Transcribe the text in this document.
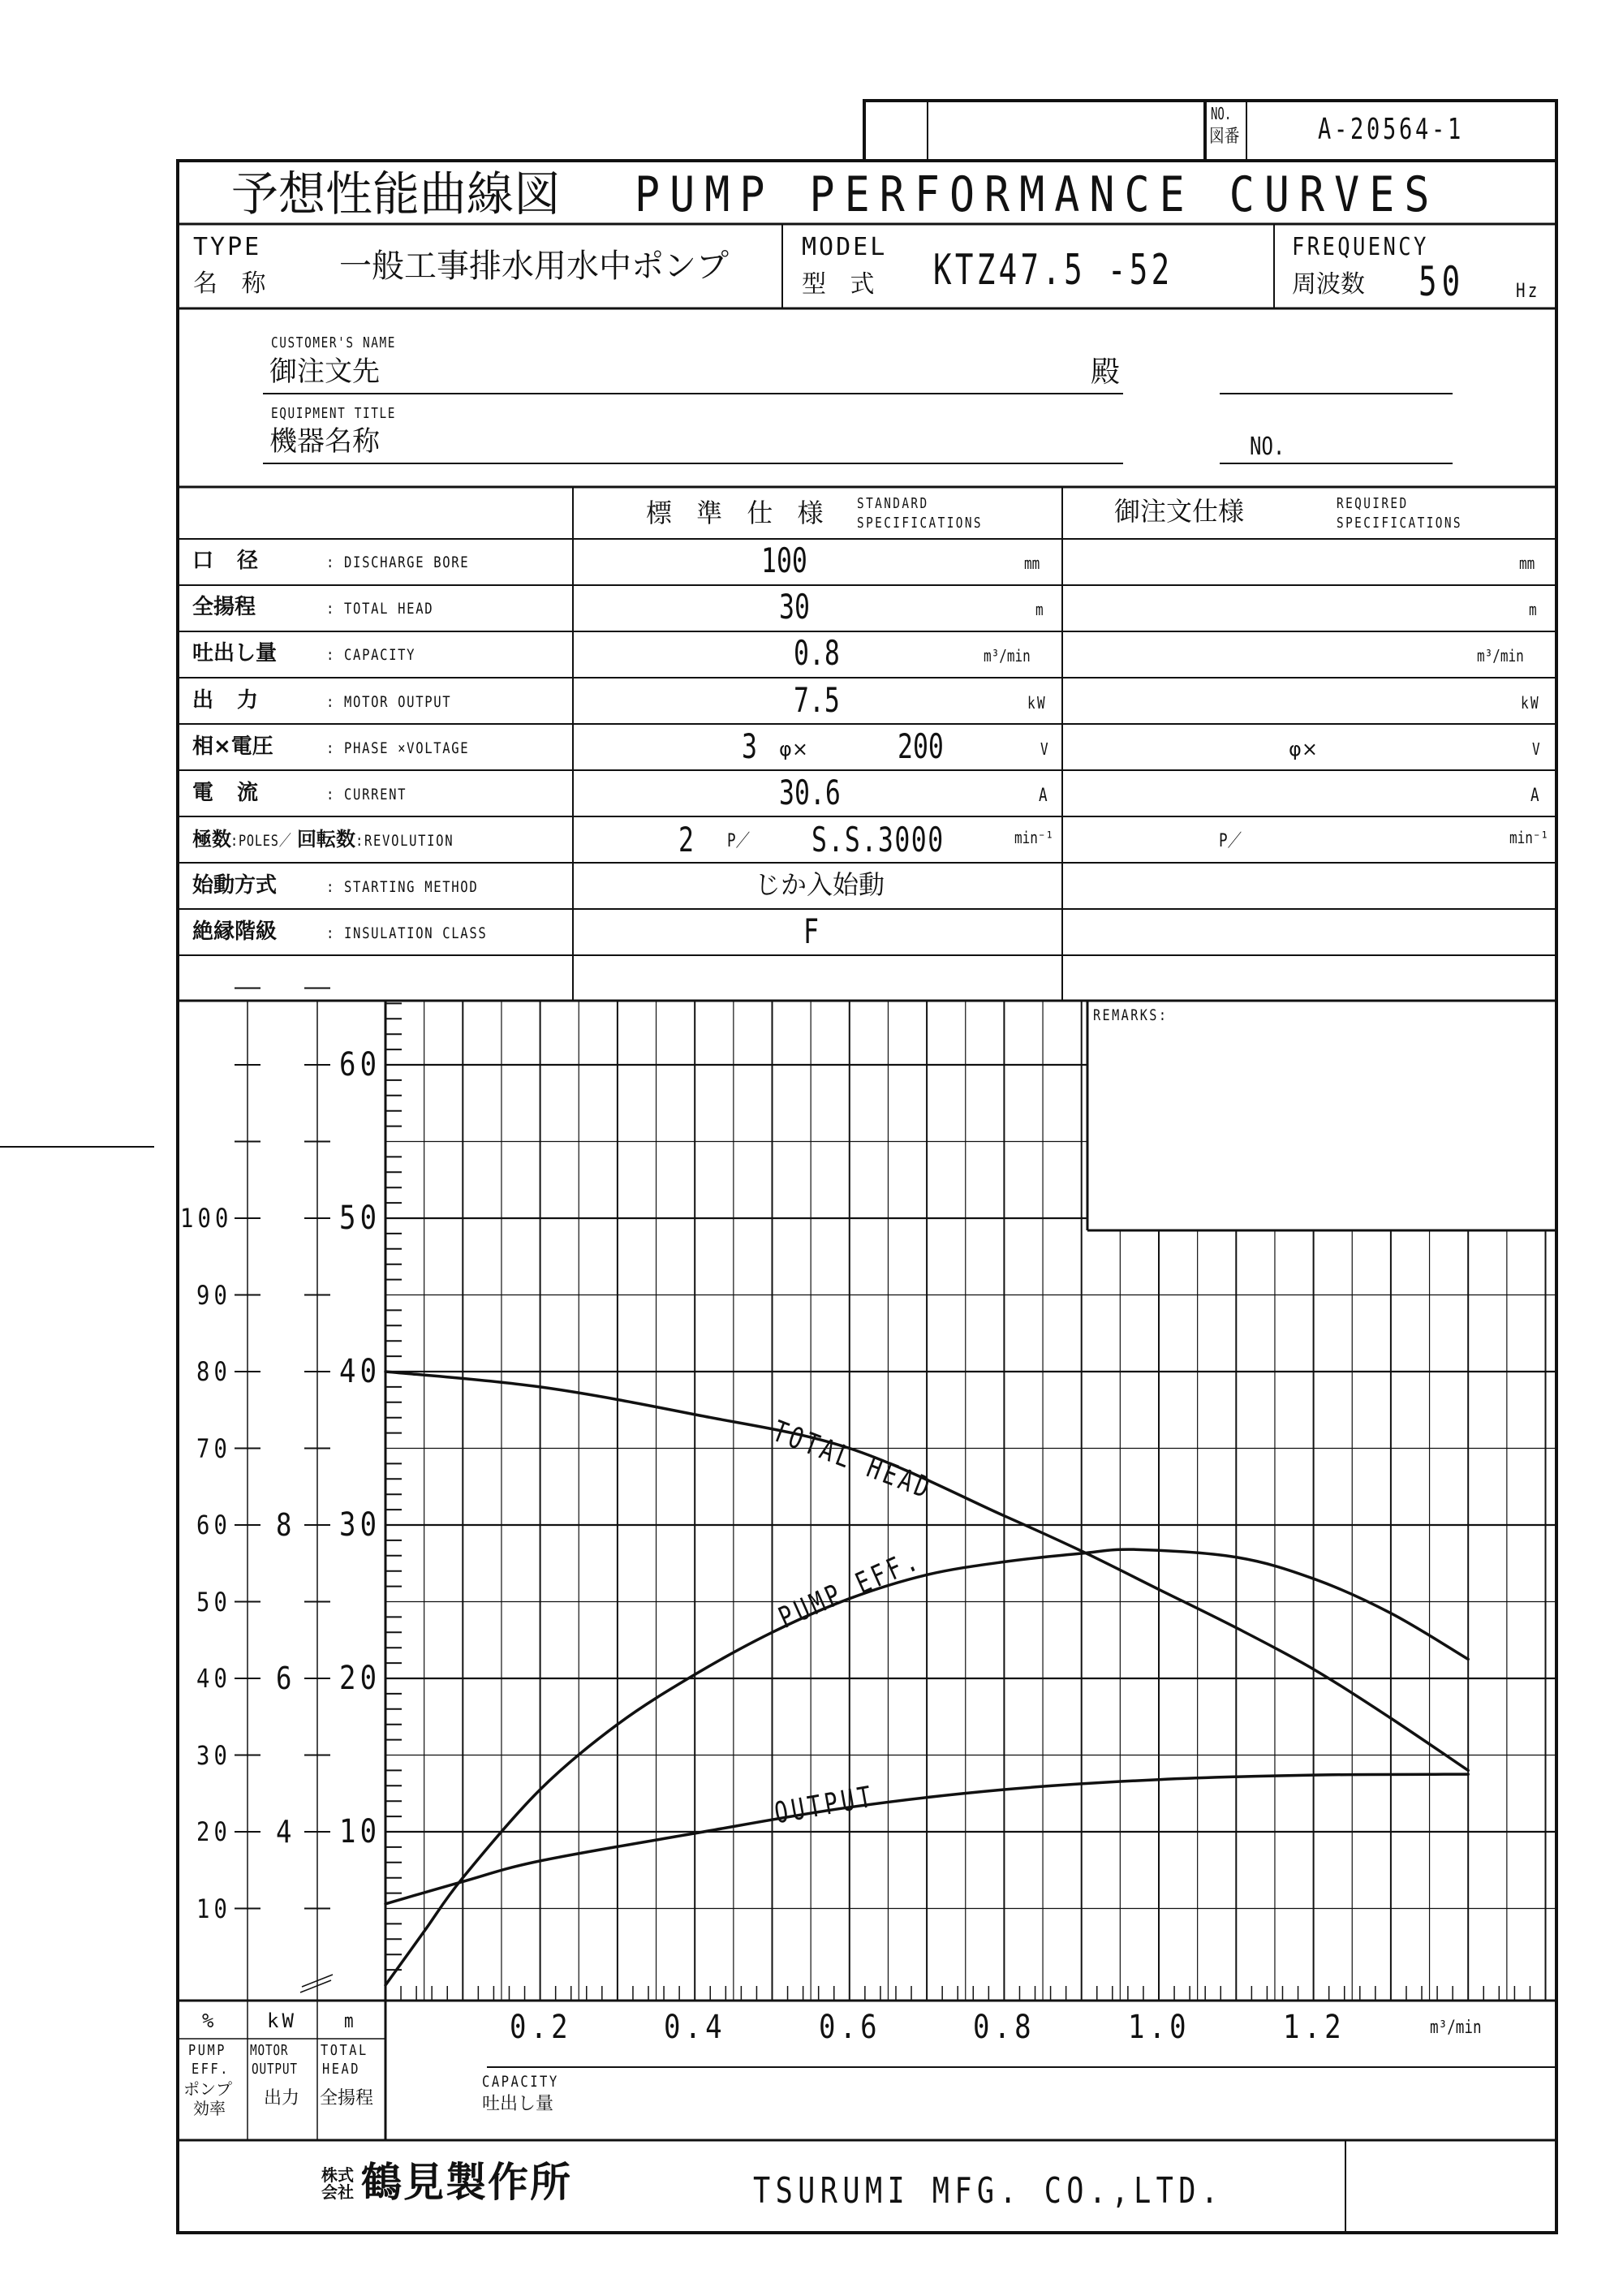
NO.
図番	A-20564-1
予想性能曲線図 PUMP PERFORMANCE CURVES
TYPE
名 称 一般工事排水用水中ポンプ
MODEL
型 式 KTZ47.5 -52	FREQUENCY
周波数 50	Hz
CUSTOMER'S NAME
御注文先	殿
EQUIPMENT TITLE
機器名称	NO.
標 準 仕 様 STANDARD
SPECIFICATIONS	御注文仕様	REQUIRED
SPECIFICATIONS
口 径	: DISCHARGE BORE	100	mm	mm
全揚程	: TOTAL HEAD	30	m	m
吐出し量	: CAPACITY	0.8	m³/min	m³/min
出 力	: MOTOR OUTPUT	7.5	kW	kW
相×電圧	: PHASE ×VOLTAGE	3 φ×	200	V	φ×	V
電 流	: CURRENT	30.6	A	A
極数 :POLES／ 回転数 :REVOLUTION	2 P／ S.S.3000	min⁻¹	P／	min⁻¹
始動方式	: STARTING METHOD	じか入始動
絶縁階級	: INSULATION CLASS	F
REMARKS:
10
20
30
40
50
60
10
20
30
40
50
60
70
80
90
100
4
6
8
0.2	0.4	0.6	0.8	1.0	1.2
TOTAL HEAD
PUMP EFF.
OUTPUT
%	kW m
PUMP
EFF.
ポンプ
効率
MOTOR
OUTPUT
出力
TOTAL
HEAD
全揚程
m³/min
CAPACITY
吐出し量
株式会社 鶴見製作所	TSURUMI MFG. CO.,LTD.
